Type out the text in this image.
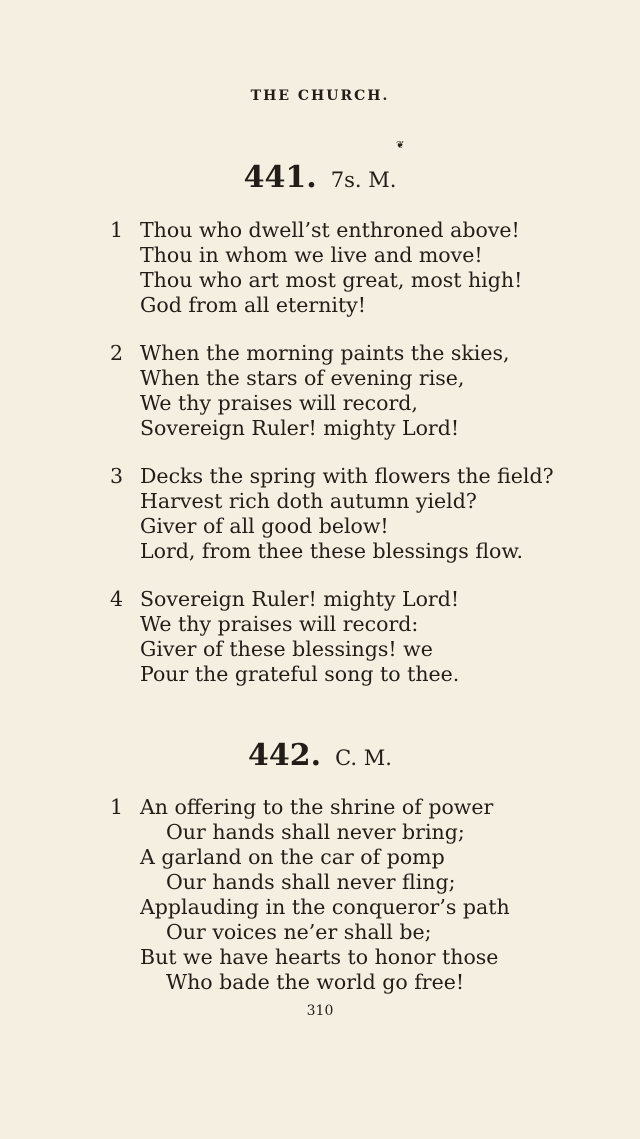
THE CHURCH.
❦
441. 7s. M.
1 Thou who dwell’st enthroned above!
Thou in whom we live and move!
Thou who art most great, most high!
God from all eternity!
2 When the morning paints the skies,
When the stars of evening rise,
We thy praises will record,
Sovereign Ruler! mighty Lord!
3 Decks the spring with flowers the field?
Harvest rich doth autumn yield?
Giver of all good below!
Lord, from thee these blessings flow.
4 Sovereign Ruler! mighty Lord!
We thy praises will record:
Giver of these blessings! we
Pour the grateful song to thee.
442. C. M.
1 An offering to the shrine of power
Our hands shall never bring;
A garland on the car of pomp
Our hands shall never fling;
Applauding in the conqueror’s path
Our voices ne’er shall be;
But we have hearts to honor those
Who bade the world go free!
310
